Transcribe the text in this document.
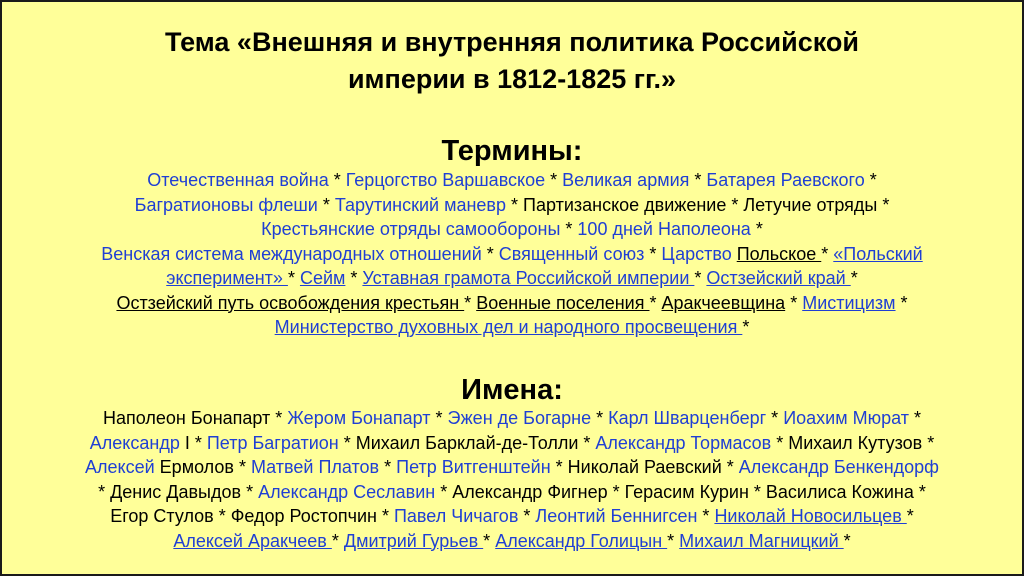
Тема «Внешняя и внутренняя политика Российской
империи в 1812-1825 гг.»
Термины:
Отечественная война * Герцогство Варшавское * Великая армия * Батарея Раевского *
Багратионовы флеши * Тарутинский маневр * Партизанское движение * Летучие отряды *
Крестьянские отряды самообороны * 100 дней Наполеона *
Венская система международных отношений * Священный союз * Царство Польское * «Польский
эксперимент» * Сейм * Уставная грамота Российской империи * Остзейский край *
Остзейский путь освобождения крестьян * Военные поселения * Аракчеевщина * Мистицизм *
Министерство духовных дел и народного просвещения *
Имена:
Наполеон Бонапарт * Жером Бонапарт * Эжен де Богарне * Карл Шварценберг * Иоахим Мюрат *
Александр I * Петр Багратион * Михаил Барклай-де-Толли * Александр Тормасов * Михаил Кутузов *
Алексей Ермолов * Матвей Платов * Петр Витгенштейн * Николай Раевский * Александр Бенкендорф
* Денис Давыдов * Александр Сеславин * Александр Фигнер * Герасим Курин * Василиса Кожина *
Егор Стулов * Федор Ростопчин * Павел Чичагов * Леонтий Беннигсен * Николай Новосильцев *
Алексей Аракчеев * Дмитрий Гурьев * Александр Голицын * Михаил Магницкий *
